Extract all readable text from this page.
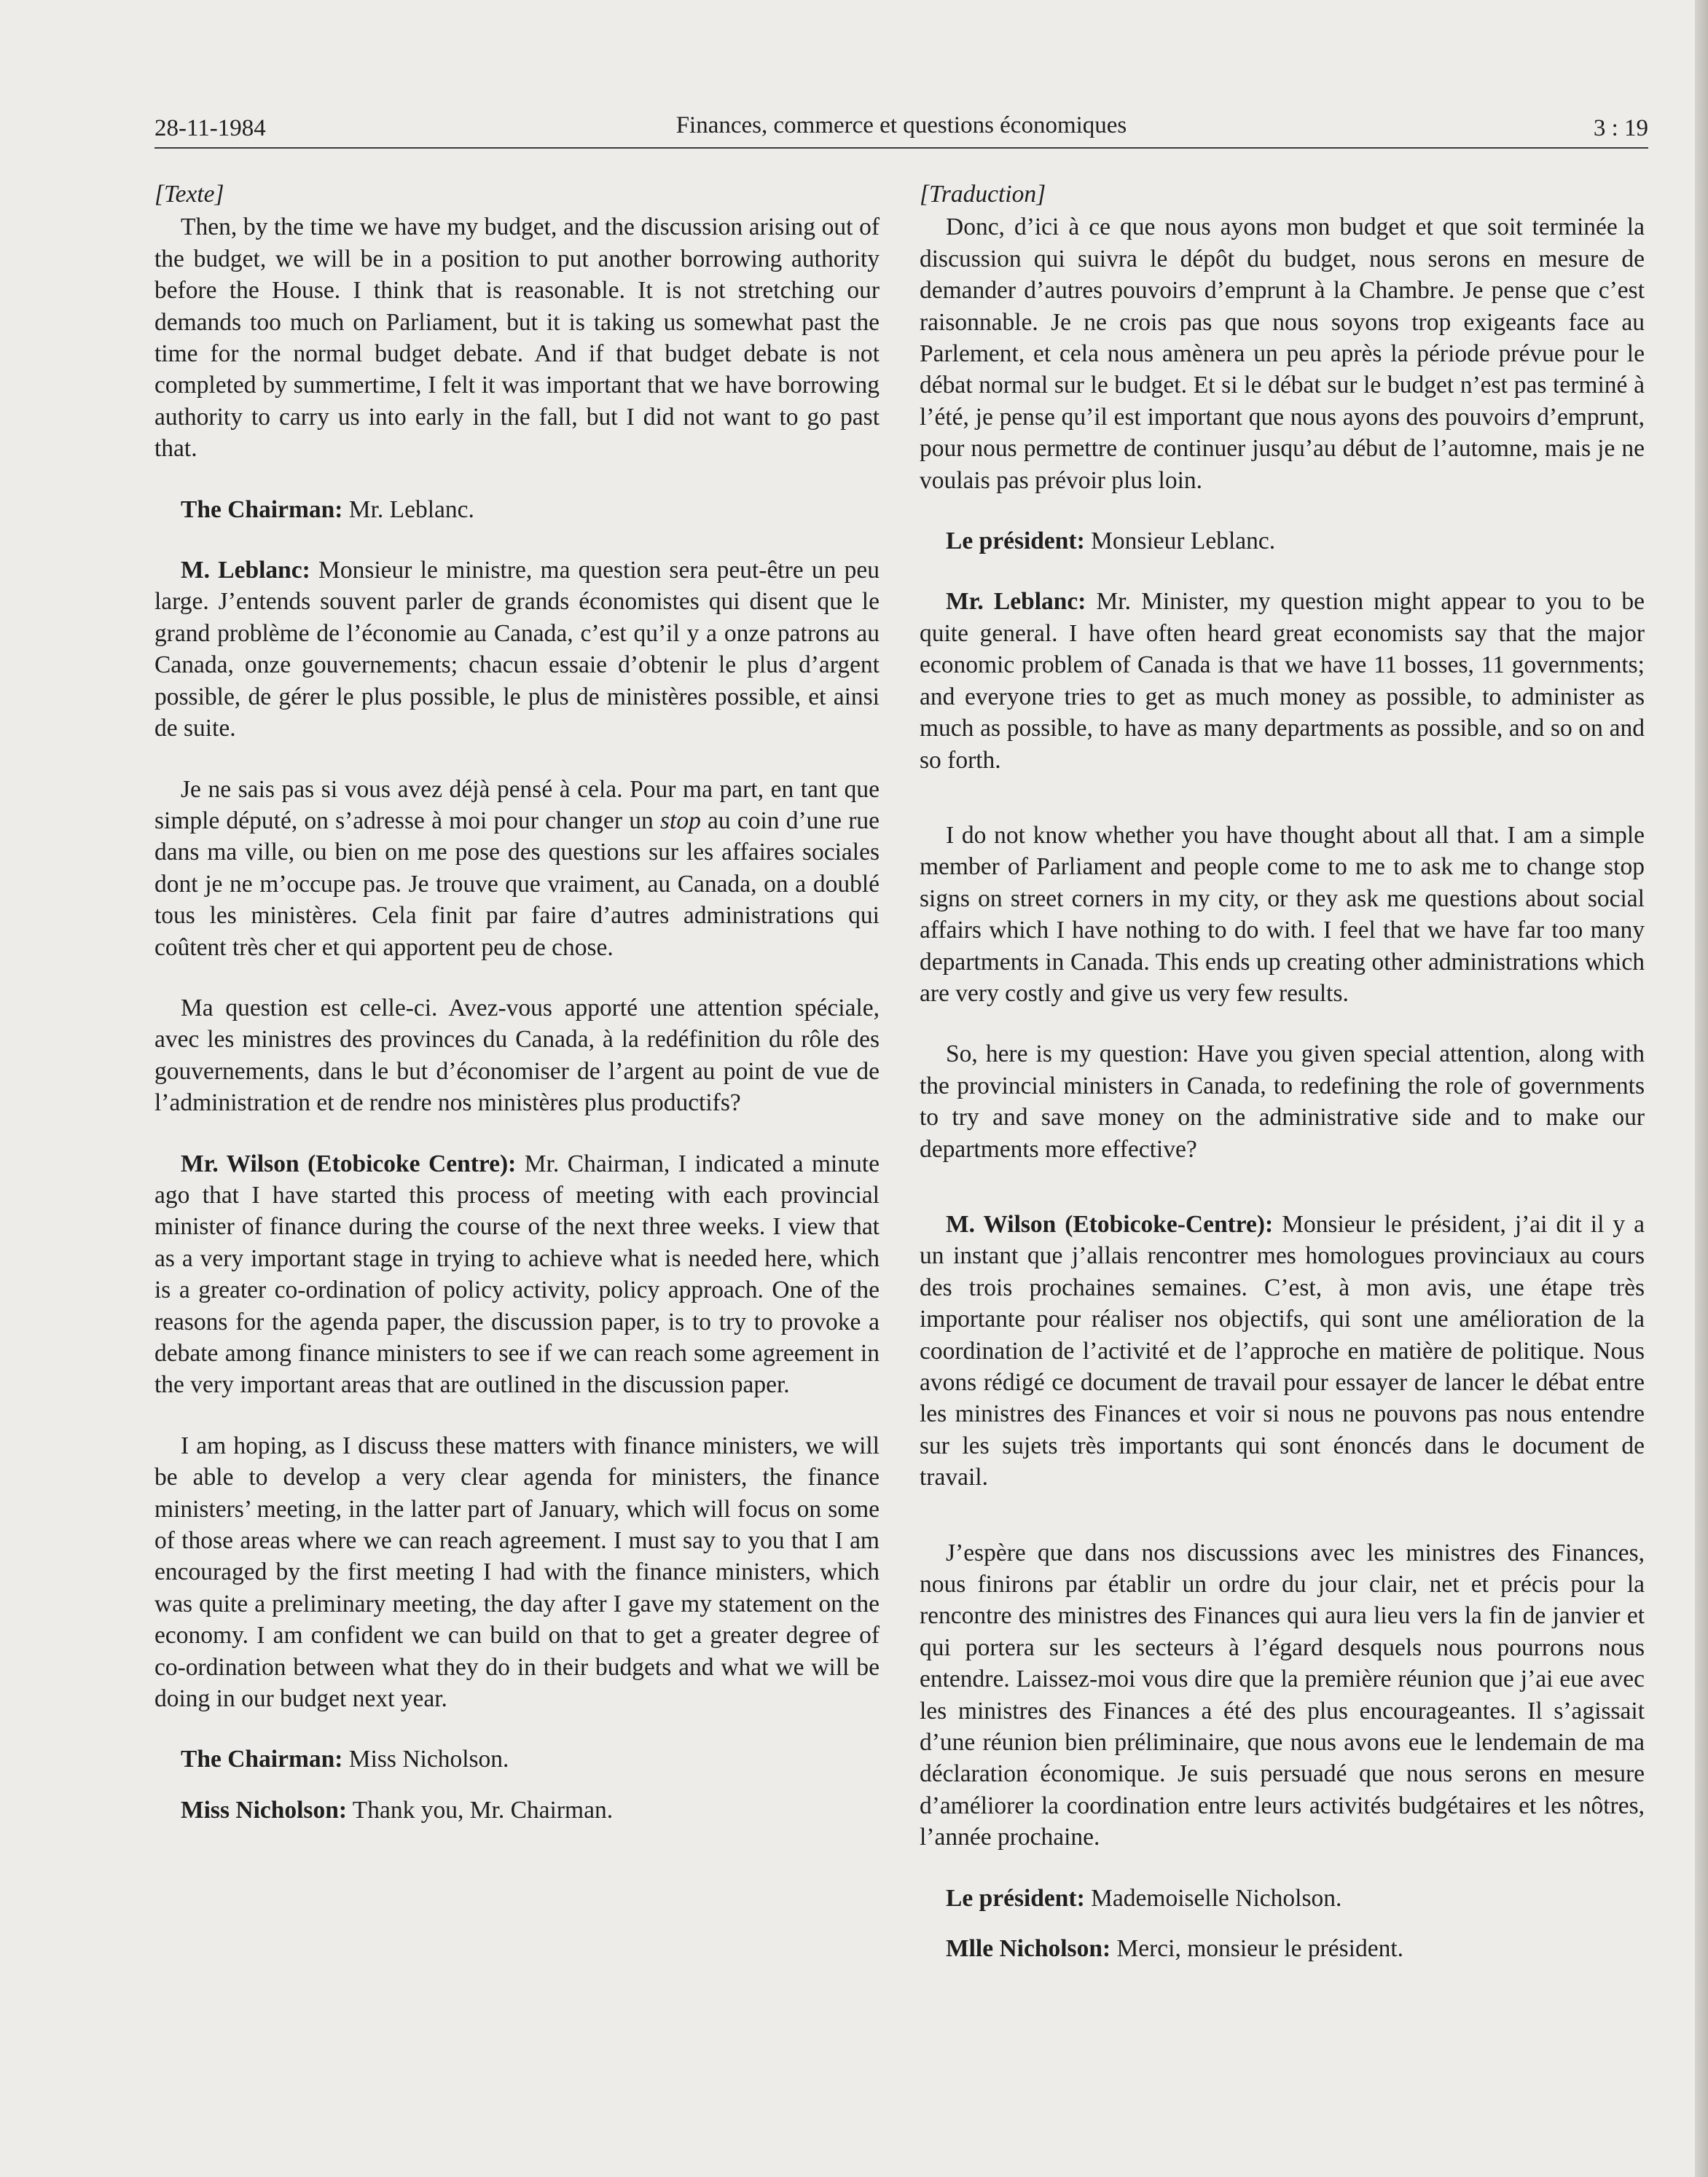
28-11-1984	Finances, commerce et questions économiques	3 : 19

[Texte]

Then, by the time we have my budget, and the discussion arising out of the budget, we will be in a position to put another borrowing authority before the House. I think that is reasonable. It is not stretching our demands too much on Parliament, but it is taking us somewhat past the time for the normal budget debate. And if that budget debate is not completed by summertime, I felt it was important that we have borrowing authority to carry us into early in the fall, but I did not want to go past that.

The Chairman: Mr. Leblanc.

M. Leblanc: Monsieur le ministre, ma question sera peut-être un peu large. J’entends souvent parler de grands économistes qui disent que le grand problème de l’économie au Canada, c’est qu’il y a onze patrons au Canada, onze gouvernements; chacun essaie d’obtenir le plus d’argent possible, de gérer le plus possible, le plus de ministères possible, et ainsi de suite.

Je ne sais pas si vous avez déjà pensé à cela. Pour ma part, en tant que simple député, on s’adresse à moi pour changer un stop au coin d’une rue dans ma ville, ou bien on me pose des questions sur les affaires sociales dont je ne m’occupe pas. Je trouve que vraiment, au Canada, on a doublé tous les ministères. Cela finit par faire d’autres administrations qui coûtent très cher et qui apportent peu de chose.

Ma question est celle-ci. Avez-vous apporté une attention spéciale, avec les ministres des provinces du Canada, à la redéfinition du rôle des gouvernements, dans le but d’économiser de l’argent au point de vue de l’administration et de rendre nos ministères plus productifs?

Mr. Wilson (Etobicoke Centre): Mr. Chairman, I indicated a minute ago that I have started this process of meeting with each provincial minister of finance during the course of the next three weeks. I view that as a very important stage in trying to achieve what is needed here, which is a greater co-ordination of policy activity, policy approach. One of the reasons for the agenda paper, the discussion paper, is to try to provoke a debate among finance ministers to see if we can reach some agreement in the very important areas that are outlined in the discussion paper.

I am hoping, as I discuss these matters with finance ministers, we will be able to develop a very clear agenda for ministers, the finance ministers’ meeting, in the latter part of January, which will focus on some of those areas where we can reach agreement. I must say to you that I am encouraged by the first meeting I had with the finance ministers, which was quite a preliminary meeting, the day after I gave my statement on the economy. I am confident we can build on that to get a greater degree of co-ordination between what they do in their budgets and what we will be doing in our budget next year.

The Chairman: Miss Nicholson.

Miss Nicholson: Thank you, Mr. Chairman.

[Traduction]

Donc, d’ici à ce que nous ayons mon budget et que soit terminée la discussion qui suivra le dépôt du budget, nous serons en mesure de demander d’autres pouvoirs d’emprunt à la Chambre. Je pense que c’est raisonnable. Je ne crois pas que nous soyons trop exigeants face au Parlement, et cela nous amènera un peu après la période prévue pour le débat normal sur le budget. Et si le débat sur le budget n’est pas terminé à l’été, je pense qu’il est important que nous ayons des pouvoirs d’emprunt, pour nous permettre de continuer jusqu’au début de l’automne, mais je ne voulais pas prévoir plus loin.

Le président: Monsieur Leblanc.

Mr. Leblanc: Mr. Minister, my question might appear to you to be quite general. I have often heard great economists say that the major economic problem of Canada is that we have 11 bosses, 11 governments; and everyone tries to get as much money as possible, to administer as much as possible, to have as many departments as possible, and so on and so forth.

I do not know whether you have thought about all that. I am a simple member of Parliament and people come to me to ask me to change stop signs on street corners in my city, or they ask me questions about social affairs which I have nothing to do with. I feel that we have far too many departments in Canada. This ends up creating other administrations which are very costly and give us very few results.

So, here is my question: Have you given special attention, along with the provincial ministers in Canada, to redefining the role of governments to try and save money on the administrative side and to make our departments more effective?

M. Wilson (Etobicoke-Centre): Monsieur le président, j’ai dit il y a un instant que j’allais rencontrer mes homologues provinciaux au cours des trois prochaines semaines. C’est, à mon avis, une étape très importante pour réaliser nos objectifs, qui sont une amélioration de la coordination de l’activité et de l’approche en matière de politique. Nous avons rédigé ce document de travail pour essayer de lancer le débat entre les ministres des Finances et voir si nous ne pouvons pas nous entendre sur les sujets très importants qui sont énoncés dans le document de travail.

J’espère que dans nos discussions avec les ministres des Finances, nous finirons par établir un ordre du jour clair, net et précis pour la rencontre des ministres des Finances qui aura lieu vers la fin de janvier et qui portera sur les secteurs à l’égard desquels nous pourrons nous entendre. Laissez-moi vous dire que la première réunion que j’ai eue avec les ministres des Finances a été des plus encourageantes. Il s’agissait d’une réunion bien préliminaire, que nous avons eue le lendemain de ma déclaration économique. Je suis persuadé que nous serons en mesure d’améliorer la coordination entre leurs activités budgétaires et les nôtres, l’année prochaine.

Le président: Mademoiselle Nicholson.

Mlle Nicholson: Merci, monsieur le président.
